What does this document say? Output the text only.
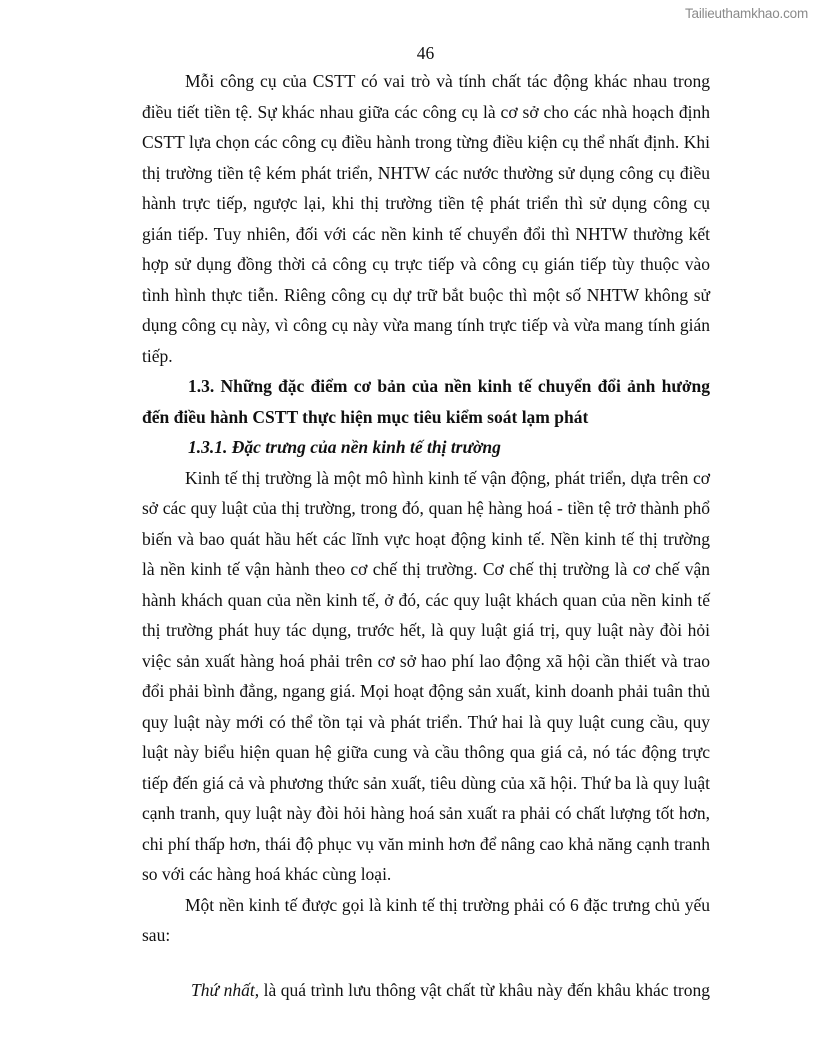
Tailieuthamkhao.com
46
Mỗi công cụ của CSTT có vai trò và tính chất tác động khác nhau trong
điều tiết tiền tệ. Sự khác nhau giữa các công cụ là cơ sở cho các nhà hoạch định
CSTT lựa chọn các công cụ điều hành trong từng điều kiện cụ thể nhất định. Khi
thị trường tiền tệ kém phát triển, NHTW các nước thường sử dụng công cụ điều
hành trực tiếp, ngược lại, khi thị trường tiền tệ phát triển thì sử dụng công cụ
gián tiếp. Tuy nhiên, đối với các nền kinh tế chuyển đổi thì NHTW thường kết
hợp sử dụng đồng thời cả công cụ trực tiếp và công cụ gián tiếp tùy thuộc vào
tình hình thực tiễn. Riêng công cụ dự trữ bắt buộc thì một số NHTW không sử
dụng công cụ này, vì công cụ này vừa mang tính trực tiếp và vừa mang tính gián
tiếp.
1.3. Những đặc điểm cơ bản của nền kinh tế chuyển đổi ảnh hưởng
đến điều hành CSTT thực hiện mục tiêu kiểm soát lạm phát
1.3.1. Đặc trưng của nền kinh tế thị trường
Kinh tế thị trường là một mô hình kinh tế vận động, phát triển, dựa trên cơ
sở các quy luật của thị trường, trong đó, quan hệ hàng hoá - tiền tệ trở thành phổ
biến và bao quát hầu hết các lĩnh vực hoạt động kinh tế. Nền kinh tế thị trường
là nền kinh tế vận hành theo cơ chế thị trường. Cơ chế thị trường là cơ chế vận
hành khách quan của nền kinh tế, ở đó, các quy luật khách quan của nền kinh tế
thị trường phát huy tác dụng, trước hết, là quy luật giá trị, quy luật này đòi hỏi
việc sản xuất hàng hoá phải trên cơ sở hao phí lao động xã hội cần thiết và trao
đổi phải bình đẳng, ngang giá. Mọi hoạt động sản xuất, kinh doanh phải tuân thủ
quy luật này mới có thể tồn tại và phát triển. Thứ hai là quy luật cung cầu, quy
luật này biểu hiện quan hệ giữa cung và cầu thông qua giá cả, nó tác động trực
tiếp đến giá cả và phương thức sản xuất, tiêu dùng của xã hội. Thứ ba là quy luật
cạnh tranh, quy luật này đòi hỏi hàng hoá sản xuất ra phải có chất lượng tốt hơn,
chi phí thấp hơn, thái độ phục vụ văn minh hơn để nâng cao khả năng cạnh tranh
so với các hàng hoá khác cùng loại.
Một nền kinh tế được gọi là kinh tế thị trường phải có 6 đặc trưng chủ yếu
sau:
Thứ nhất, là quá trình lưu thông vật chất từ khâu này đến khâu khác trong
